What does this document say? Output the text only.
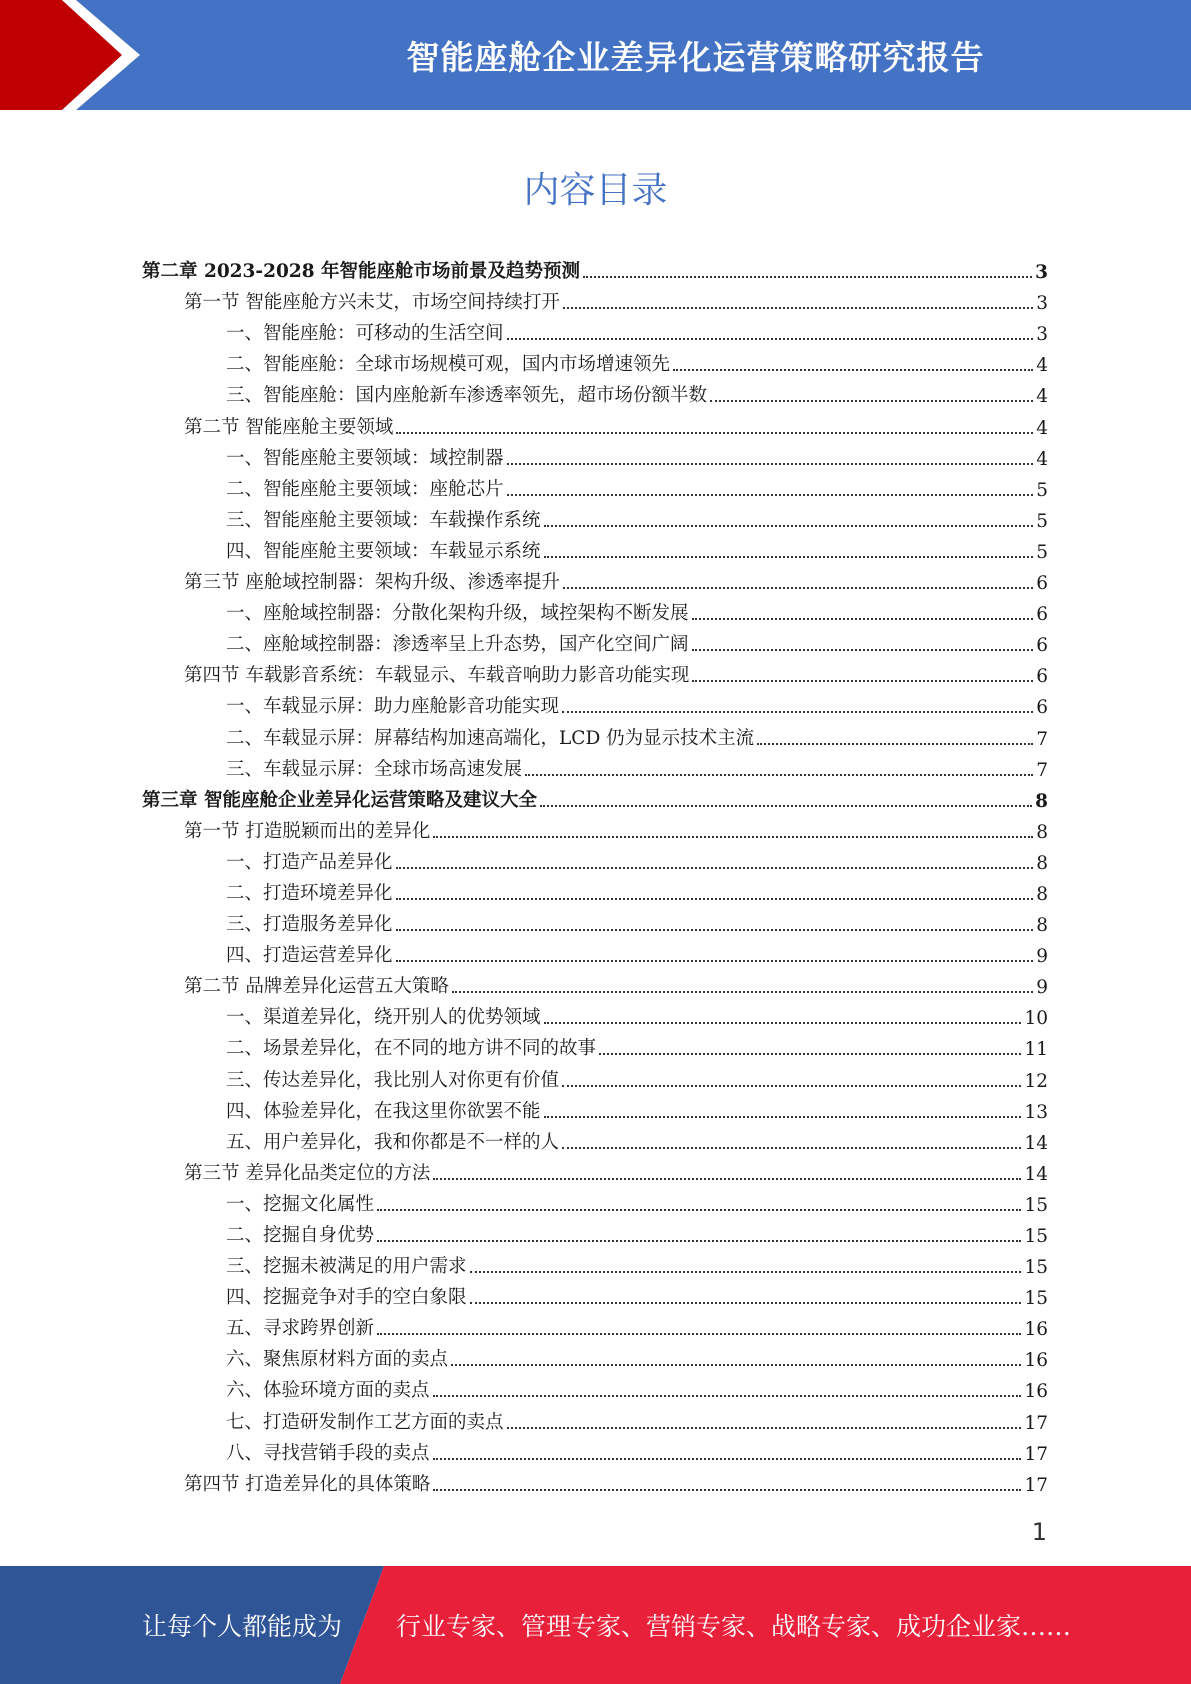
智能座舱企业差异化运营策略研究报告
内容目录
第二章 2023-2028 年智能座舱市场前景及趋势预测	3
第一节 智能座舱方兴未艾，市场空间持续打开	3
一、智能座舱：可移动的生活空间	3
二、智能座舱：全球市场规模可观，国内市场增速领先	4
三、智能座舱：国内座舱新车渗透率领先，超市场份额半数	4
第二节 智能座舱主要领域	4
一、智能座舱主要领域：域控制器	4
二、智能座舱主要领域：座舱芯片	5
三、智能座舱主要领域：车载操作系统	5
四、智能座舱主要领域：车载显示系统	5
第三节 座舱域控制器：架构升级、渗透率提升	6
一、座舱域控制器：分散化架构升级，域控架构不断发展	6
二、座舱域控制器：渗透率呈上升态势，国产化空间广阔	6
第四节 车载影音系统：车载显示、车载音响助力影音功能实现	6
一、车载显示屏：助力座舱影音功能实现	6
二、车载显示屏：屏幕结构加速高端化，LCD 仍为显示技术主流	7
三、车载显示屏：全球市场高速发展	7
第三章 智能座舱企业差异化运营策略及建议大全	8
第一节 打造脱颖而出的差异化	8
一、打造产品差异化	8
二、打造环境差异化	8
三、打造服务差异化	8
四、打造运营差异化	9
第二节 品牌差异化运营五大策略	9
一、渠道差异化，绕开别人的优势领域	10
二、场景差异化，在不同的地方讲不同的故事	11
三、传达差异化，我比别人对你更有价值	12
四、体验差异化，在我这里你欲罢不能	13
五、用户差异化，我和你都是不一样的人	14
第三节 差异化品类定位的方法	14
一、挖掘文化属性	15
二、挖掘自身优势	15
三、挖掘未被满足的用户需求	15
四、挖掘竞争对手的空白象限	15
五、寻求跨界创新	16
六、聚焦原材料方面的卖点	16
六、体验环境方面的卖点	16
七、打造研发制作工艺方面的卖点	17
八、寻找营销手段的卖点	17
第四节 打造差异化的具体策略	17
1
让每个人都能成为 行业专家、管理专家、营销专家、战略专家、成功企业家……
